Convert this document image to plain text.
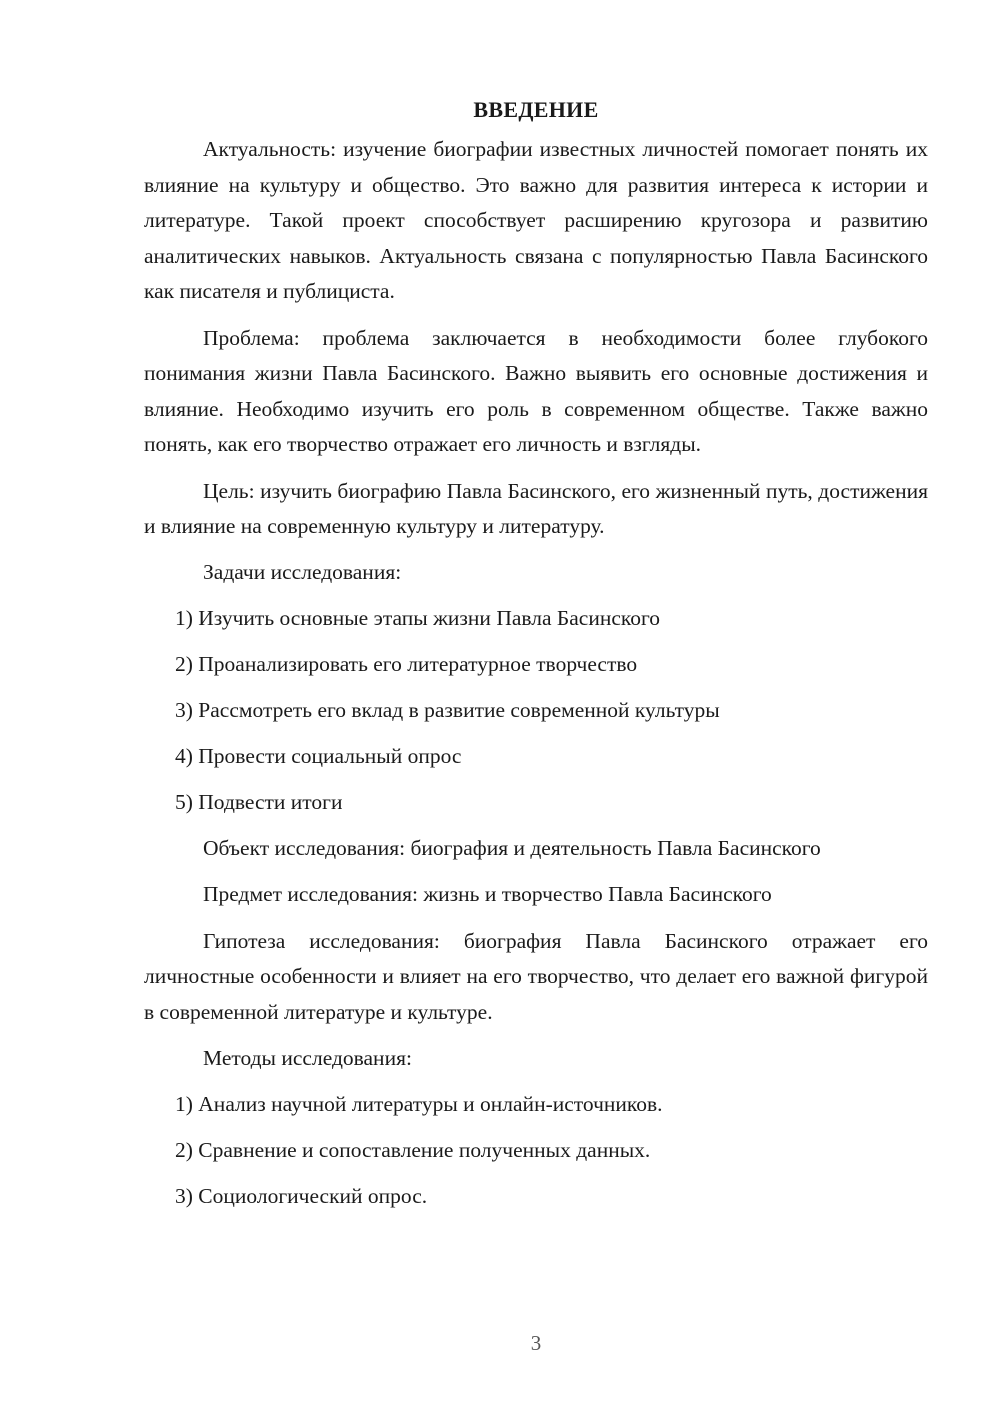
ВВЕДЕНИЕ

Актуальность: изучение биографии известных личностей помогает понять их влияние на культуру и общество. Это важно для развития интереса к истории и литературе. Такой проект способствует расширению кругозора и развитию аналитических навыков. Актуальность связана с популярностью Павла Басинского как писателя и публициста.

Проблема: проблема заключается в необходимости более глубокого понимания жизни Павла Басинского. Важно выявить его основные достижения и влияние. Необходимо изучить его роль в современном обществе. Также важно понять, как его творчество отражает его личность и взгляды.

Цель: изучить биографию Павла Басинского, его жизненный путь, достижения и влияние на современную культуру и литературу.

Задачи исследования:

1) Изучить основные этапы жизни Павла Басинского

2) Проанализировать его литературное творчество

3) Рассмотреть его вклад в развитие современной культуры

4) Провести социальный опрос

5) Подвести итоги

Объект исследования: биография и деятельность Павла Басинского

Предмет исследования: жизнь и творчество Павла Басинского

Гипотеза исследования: биография Павла Басинского отражает его личностные особенности и влияет на его творчество, что делает его важной фигурой в современной литературе и культуре.

Методы исследования:

1) Анализ научной литературы и онлайн-источников.

2) Сравнение и сопоставление полученных данных.

3) Социологический опрос.

3
